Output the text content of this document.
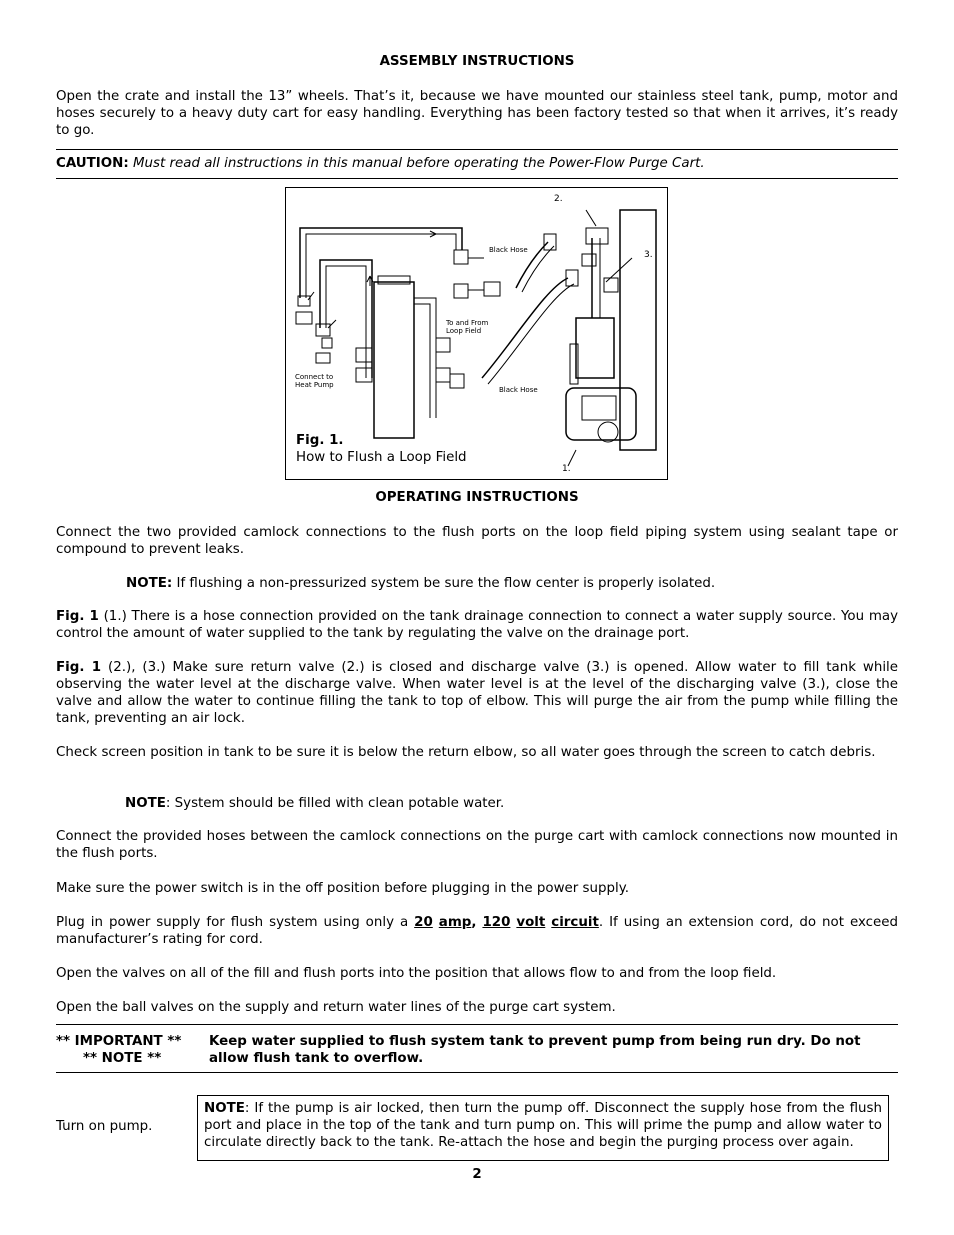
ASSEMBLY INSTRUCTIONS
Open the crate and install the 13” wheels. That’s it, because we have mounted our stainless steel tank, pump, motor and hoses securely to a heavy duty cart for easy handling. Everything has been factory tested so that when it arrives, it’s ready to go.
CAUTION: Must read all instructions in this manual before operating the Power-Flow Purge Cart.
2.
3.
1.
Black Hose
Black Hose
To and From
Loop Field
Connect to
Heat Pump
Fig. 1.
How to Flush a Loop Field
OPERATING INSTRUCTIONS
Connect the two provided camlock connections to the flush ports on the loop field piping system using sealant tape or compound to prevent leaks.
NOTE: If flushing a non-pressurized system be sure the flow center is properly isolated.
Fig. 1 (1.) There is a hose connection provided on the tank drainage connection to connect a water supply source. You may control the amount of water supplied to the tank by regulating the valve on the drainage port.
Fig. 1 (2.), (3.) Make sure return valve (2.) is closed and discharge valve (3.) is opened. Allow water to fill tank while observing the water level at the discharge valve. When water level is at the level of the discharging valve (3.), close the valve and allow the water to continue filling the tank to top of elbow. This will purge the air from the pump while filling the tank, preventing an air lock.
Check screen position in tank to be sure it is below the return elbow, so all water goes through the screen to catch debris.
NOTE: System should be filled with clean potable water.
Connect the provided hoses between the camlock connections on the purge cart with camlock connections now mounted in the flush ports.
Make sure the power switch is in the off position before plugging in the power supply.
Plug in power supply for flush system using only a 20 amp, 120 volt circuit. If using an extension cord, do not exceed manufacturer’s rating for cord.
Open the valves on all of the fill and flush ports into the position that allows flow to and from the loop field.
Open the ball valves on the supply and return water lines of the purge cart system.
** IMPORTANT **
** NOTE **
Keep water supplied to flush system tank to prevent pump from being run dry. Do not
allow flush tank to overflow.
Turn on pump.
NOTE: If the pump is air locked, then turn the pump off. Disconnect the supply hose from the flush port and place in the top of the tank and turn pump on. This will prime the pump and allow water to circulate directly back to the tank. Re-attach the hose and begin the purging process over again.
2
